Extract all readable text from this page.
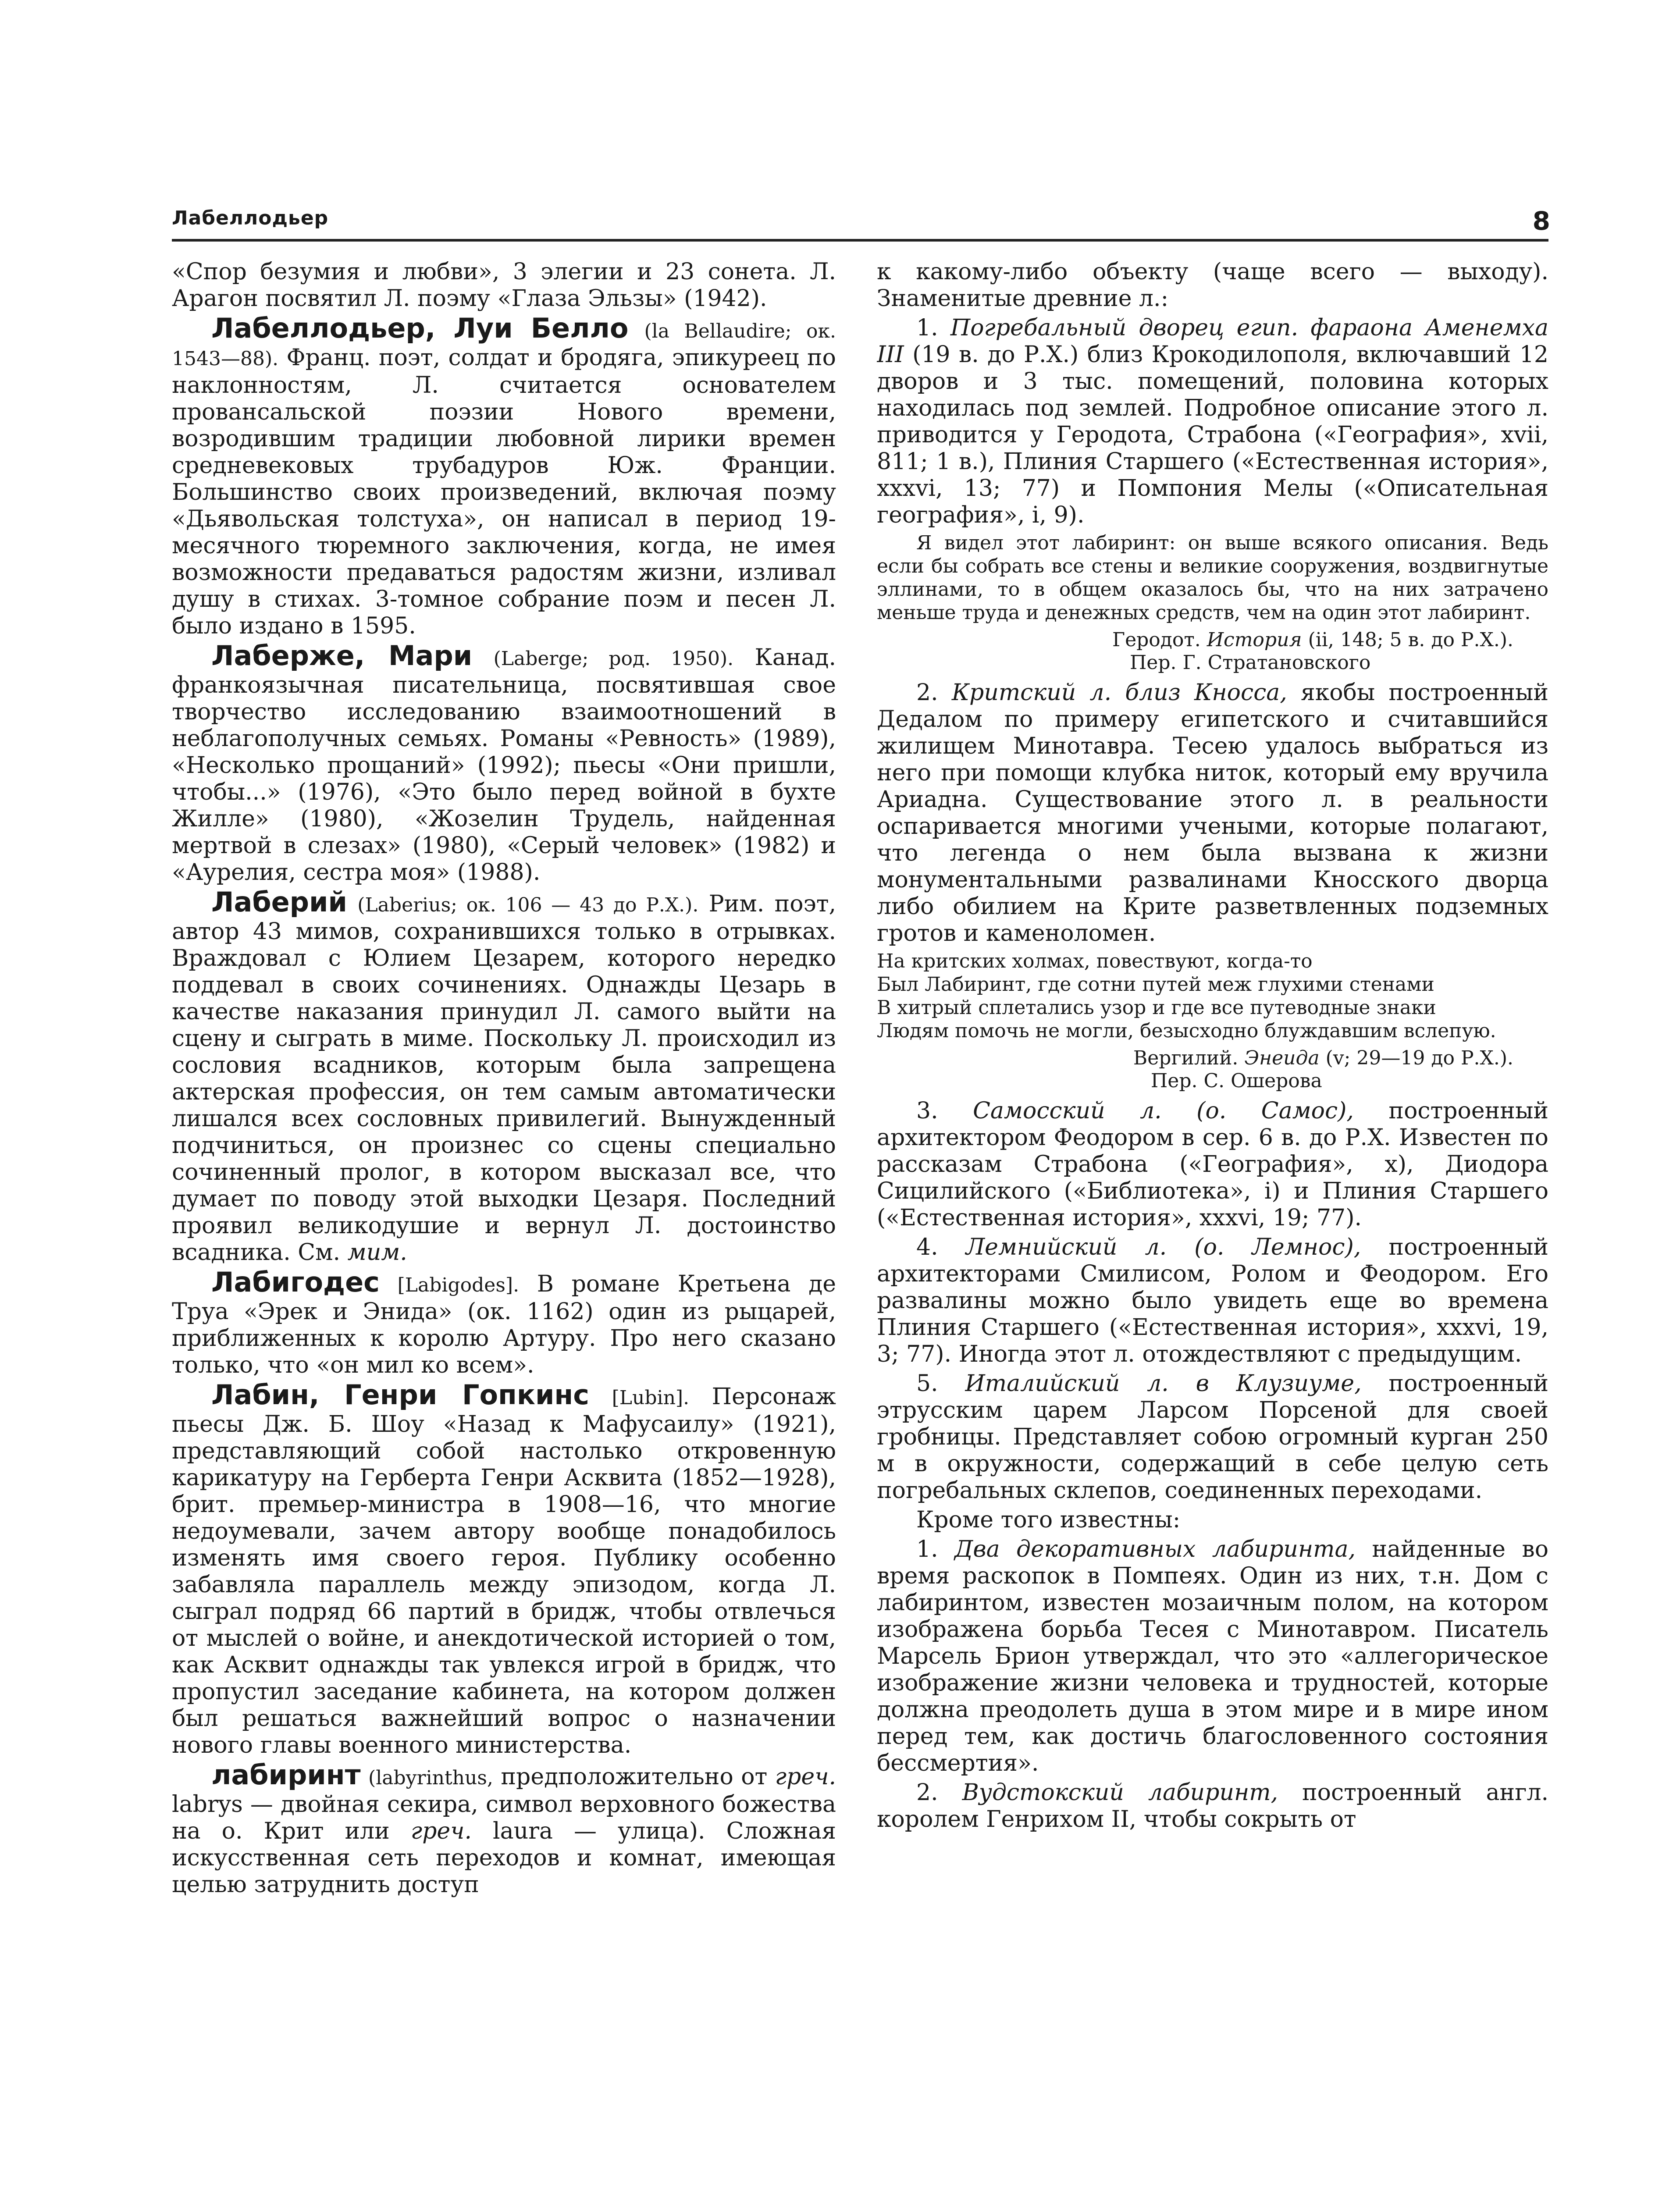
Лабеллодьер	8

«Спор безумия и любви», 3 элегии и 23 сонета. Л. Арагон посвятил Л. поэму «Глаза Эльзы» (1942).

Лабеллодьер, Луи Белло (la Bellaudire; ок. 1543—88). Франц. поэт, солдат и бродяга, эпикуреец по наклонностям, Л. считается основателем провансальской поэзии Нового времени, возродившим традиции любовной лирики времен средневековых трубадуров Юж. Франции. Большинство своих произведений, включая поэму «Дьявольская толстуха», он написал в период 19-месячного тюремного заключения, когда, не имея возможности предаваться радостям жизни, изливал душу в стихах. 3-томное собрание поэм и песен Л. было издано в 1595.

Лаберже, Мари (Laberge; род. 1950). Канад. франкоязычная писательница, посвятившая свое творчество исследованию взаимоотношений в неблагополучных семьях. Романы «Ревность» (1989), «Несколько прощаний» (1992); пьесы «Они пришли, чтобы...» (1976), «Это было перед войной в бухте Жилле» (1980), «Жозелин Трудель, найденная мертвой в слезах» (1980), «Серый человек» (1982) и «Аурелия, сестра моя» (1988).

Лаберий (Laberius; ок. 106 — 43 до Р.Х.). Рим. поэт, автор 43 мимов, сохранившихся только в отрывках. Враждовал с Юлием Цезарем, которого нередко поддевал в своих сочинениях. Однажды Цезарь в качестве наказания принудил Л. самого выйти на сцену и сыграть в миме. Поскольку Л. происходил из сословия всадников, которым была запрещена актерская профессия, он тем самым автоматически лишался всех сословных привилегий. Вынужденный подчиниться, он произнес со сцены специально сочиненный пролог, в котором высказал все, что думает по поводу этой выходки Цезаря. Последний проявил великодушие и вернул Л. достоинство всадника. См. мим.

Лабигодес [Labigodes]. В романе Кретьена де Труа «Эрек и Энида» (ок. 1162) один из рыцарей, приближенных к королю Артуру. Про него сказано только, что «он мил ко всем».

Лабин, Генри Гопкинс [Lubin]. Персонаж пьесы Дж. Б. Шоу «Назад к Мафусаилу» (1921), представляющий собой настолько откровенную карикатуру на Герберта Генри Асквита (1852—1928), брит. премьер-министра в 1908—16, что многие недоумевали, зачем автору вообще понадобилось изменять имя своего героя. Публику особенно забавляла параллель между эпизодом, когда Л. сыграл подряд 66 партий в бридж, чтобы отвлечься от мыслей о войне, и анекдотической историей о том, как Асквит однажды так увлекся игрой в бридж, что пропустил заседание кабинета, на котором должен был решаться важнейший вопрос о назначении нового главы военного министерства.

лабиринт (labyrinthus, предположительно от греч. labrys — двойная секира, символ верховного божества на о. Крит или греч. laura — улица). Сложная искусственная сеть переходов и комнат, имеющая целью затруднить доступ

к какому-либо объекту (чаще всего — выходу). Знаменитые древние л.:

1. Погребальный дворец егип. фараона Аменемха III (19 в. до Р.Х.) близ Крокодилополя, включавший 12 дворов и 3 тыс. помещений, половина которых находилась под землей. Подробное описание этого л. приводится у Геродота, Страбона («География», xvii, 811; 1 в.), Плиния Старшего («Естественная история», xxxvi, 13; 77) и Помпония Мелы («Описательная география», i, 9).

Я видел этот лабиринт: он выше всякого описания. Ведь если бы собрать все стены и великие сооружения, воздвигнутые эллинами, то в общем оказалось бы, что на них затрачено меньше труда и денежных средств, чем на один этот лабиринт.
Геродот. История (ii, 148; 5 в. до Р.Х.).
Пер. Г. Стратановского

2. Критский л. близ Кносса, якобы построенный Дедалом по примеру египетского и считавшийся жилищем Минотавра. Тесею удалось выбраться из него при помощи клубка ниток, который ему вручила Ариадна. Существование этого л. в реальности оспаривается многими учеными, которые полагают, что легенда о нем была вызвана к жизни монументальными развалинами Кносского дворца либо обилием на Крите разветвленных подземных гротов и каменоломен.

На критских холмах, повествуют, когда-то
Был Лабиринт, где сотни путей меж глухими стенами
В хитрый сплетались узор и где все путеводные знаки
Людям помочь не могли, безысходно блуждавшим вслепую.
Вергилий. Энеида (v; 29—19 до Р.Х.).
Пер. С. Ошерова

3. Самосский л. (о. Самос), построенный архитектором Феодором в сер. 6 в. до Р.Х. Известен по рассказам Страбона («География», x), Диодора Сицилийского («Библиотека», i) и Плиния Старшего («Естественная история», xxxvi, 19; 77).

4. Лемнийский л. (о. Лемнос), построенный архитекторами Смилисом, Ролом и Феодором. Его развалины можно было увидеть еще во времена Плиния Старшего («Естественная история», xxxvi, 19, 3; 77). Иногда этот л. отождествляют с предыдущим.

5. Италийский л. в Клузиуме, построенный этрусским царем Ларсом Порсеной для своей гробницы. Представляет собою огромный курган 250 м в окружности, содержащий в себе целую сеть погребальных склепов, соединенных переходами.

Кроме того известны:

1. Два декоративных лабиринта, найденные во время раскопок в Помпеях. Один из них, т.н. Дом с лабиринтом, известен мозаичным полом, на котором изображена борьба Тесея с Минотавром. Писатель Марсель Брион утверждал, что это «аллегорическое изображение жизни человека и трудностей, которые должна преодолеть душа в этом мире и в мире ином перед тем, как достичь благословенного состояния бессмертия».

2. Вудстокский лабиринт, построенный англ. королем Генрихом II, чтобы сокрыть от
